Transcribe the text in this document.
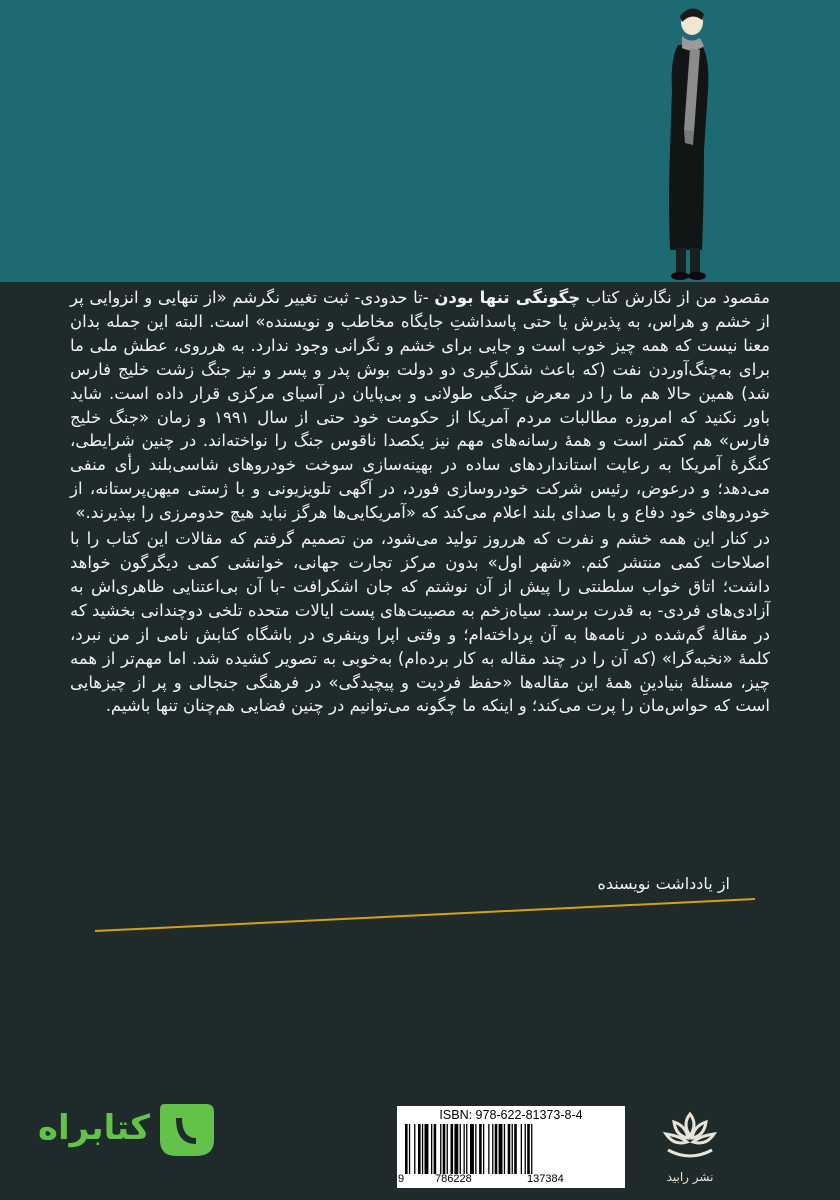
مقصود من از نگارش کتاب چگونگی تنها بودن -تا حدودی- ثبت تغییر نگرشم «از تنهایی و انزوایی پر از خشم و هراس، به پذیرش یا حتی پاسداشتِ جایگاه مخاطب و نویسنده» است. البته این جمله بدان معنا نیست که همه چیز خوب است و جایی برای خشم و نگرانی وجود ندارد. به هرروی، عطش ملی ما برای به‌چنگ‌آوردن نفت (که باعث شکل‌گیری دو دولت بوش پدر و پسر و نیز جنگ زشت خلیج فارس شد) همین حالا هم ما را در معرض جنگی طولانی و بی‌پایان در آسیای مرکزی قرار داده است. شاید باور نکنید که امروزه مطالبات مردم آمریکا از حکومت خود حتی از سال ۱۹۹۱ و زمان «جنگ خلیج فارس» هم کمتر است و همهٔ رسانه‌های مهم نیز یکصدا ناقوس جنگ را نواخته‌اند. در چنین شرایطی، کنگرهٔ آمریکا به رعایت استانداردهای ساده در بهینه‌سازی سوخت خودروهای شاسی‌بلند رأی منفی می‌دهد؛ و درعوض، رئیس شرکت خودروسازی فورد، در آگهی تلویزیونی و با ژستی میهن‌پرستانه، از خودروهای خود دفاع و با صدای بلند اعلام می‌کند که «آمریکایی‌ها هرگز نباید هیچ حدومرزی را بپذیرند.»

در کنار این همه خشم و نفرت که هرروز تولید می‌شود، من تصمیم گرفتم که مقالات این کتاب را با اصلاحات کمی منتشر کنم. «شهر اول» بدون مرکز تجارت جهانی، خوانشی کمی دیگرگون خواهد داشت؛ اتاق خواب سلطنتی را پیش از آن نوشتم که جان اشکرافت -با آن بی‌اعتنایی ظاهری‌اش به آزادی‌های فردی- به قدرت برسد. سیاه‌زخم به مصیبت‌های پست ایالات متحده تلخی دوچندانی بخشید که در مقالهٔ گم‌شده در نامه‌ها به آن پرداخته‌ام؛ و وقتی اپرا وینفری در باشگاه کتابش نامی از من نبرد، کلمهٔ «نخبه‌گرا» (که آن را در چند مقاله به کار برده‌ام) به‌خوبی به تصویر کشیده شد. اما مهم‌تر از همه چیز، مسئلهٔ بنیادینِ همهٔ این مقاله‌ها «حفظ فردیت و پیچیدگی» در فرهنگی جنجالی و پر از چیزهایی است که حواس‌مان را پرت می‌کند؛ و اینکه ما چگونه می‌توانیم در چنین فضایی هم‌چنان تنها باشیم.

از یادداشت نویسنده
کتابراه	ISBN: 978-622-81373-8-4
9	786228	137384	نشر رابید
